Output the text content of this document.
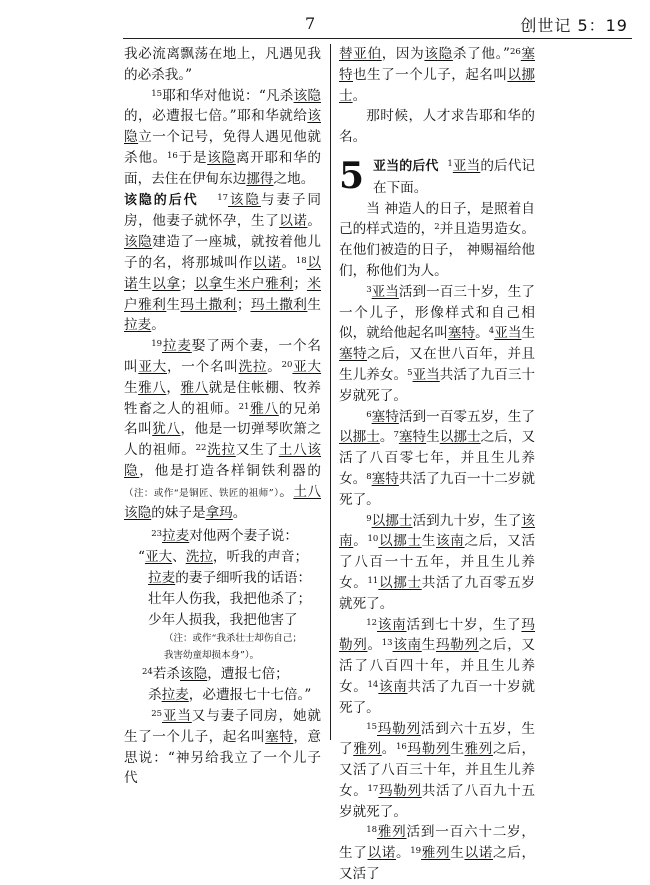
7	创世记 5：19

我必流离飘荡在地上，凡遇见我的必杀我。”

$^{15}$耶和华对他说：“凡杀该隐的，必遭报七倍。”耶和华就给该隐立一个记号，免得人遇见他就杀他。$^{16}$于是该隐离开耶和华的面，去住在伊甸东边挪得之地。

该隐的后代 $^{17}$该隐与妻子同房，他妻子就怀孕，生了以诺。该隐建造了一座城，就按着他儿子的名，将那城叫作以诺。$^{18}$以诺生以拿；以拿生米户雅利；米户雅利生玛土撒利；玛土撒利生拉麦。

$^{19}$拉麦娶了两个妻，一个名叫亚大，一个名叫洗拉。$^{20}$亚大生雅八，雅八就是住帐棚、牧养牲畜之人的祖师。$^{21}$雅八的兄弟名叫犹八，他是一切弹琴吹箫之人的祖师。$^{22}$洗拉又生了土八该隐，他是打造各样铜铁利器的（注：或作“是铜匠、铁匠的祖师”）。土八该隐的妹子是拿玛。

$^{23}$拉麦对他两个妻子说：

“亚大、洗拉，听我的声音；

拉麦的妻子细听我的话语：

壮年人伤我，我把他杀了；

少年人损我，我把他害了

（注：或作“我杀壮士却伤自己；

我害幼童却损本身”）。

$^{24}$若杀该隐，遭报七倍；

杀拉麦，必遭报七十七倍。”

$^{25}$亚当又与妻子同房，她就生了一个儿子，起名叫塞特，意思说：“神另给我立了一个儿子代

替亚伯，因为该隐杀了他。”$^{26}$塞特也生了一个儿子，起名叫以挪士。

那时候，人才求告耶和华的名。

5 亚当的后代 $^1$亚当的后代记在下面。

当 神造人的日子，是照着自己的样式造的，$^2$并且造男造女。在他们被造的日子， 神赐福给他们，称他们为人。

$^3$亚当活到一百三十岁，生了一个儿子，形像样式和自己相似，就给他起名叫塞特。$^4$亚当生塞特之后，又在世八百年，并且生儿养女。$^5$亚当共活了九百三十岁就死了。

$^6$塞特活到一百零五岁，生了以挪士。$^7$塞特生以挪士之后，又活了八百零七年，并且生儿养女。$^8$塞特共活了九百一十二岁就死了。

$^9$以挪士活到九十岁，生了该南。$^{10}$以挪士生该南之后，又活了八百一十五年，并且生儿养女。$^{11}$以挪士共活了九百零五岁就死了。

$^{12}$该南活到七十岁，生了玛勒列。$^{13}$该南生玛勒列之后，又活了八百四十年，并且生儿养女。$^{14}$该南共活了九百一十岁就死了。

$^{15}$玛勒列活到六十五岁，生了雅列。$^{16}$玛勒列生雅列之后，又活了八百三十年，并且生儿养女。$^{17}$玛勒列共活了八百九十五岁就死了。

$^{18}$雅列活到一百六十二岁，生了以诺。$^{19}$雅列生以诺之后，又活了
